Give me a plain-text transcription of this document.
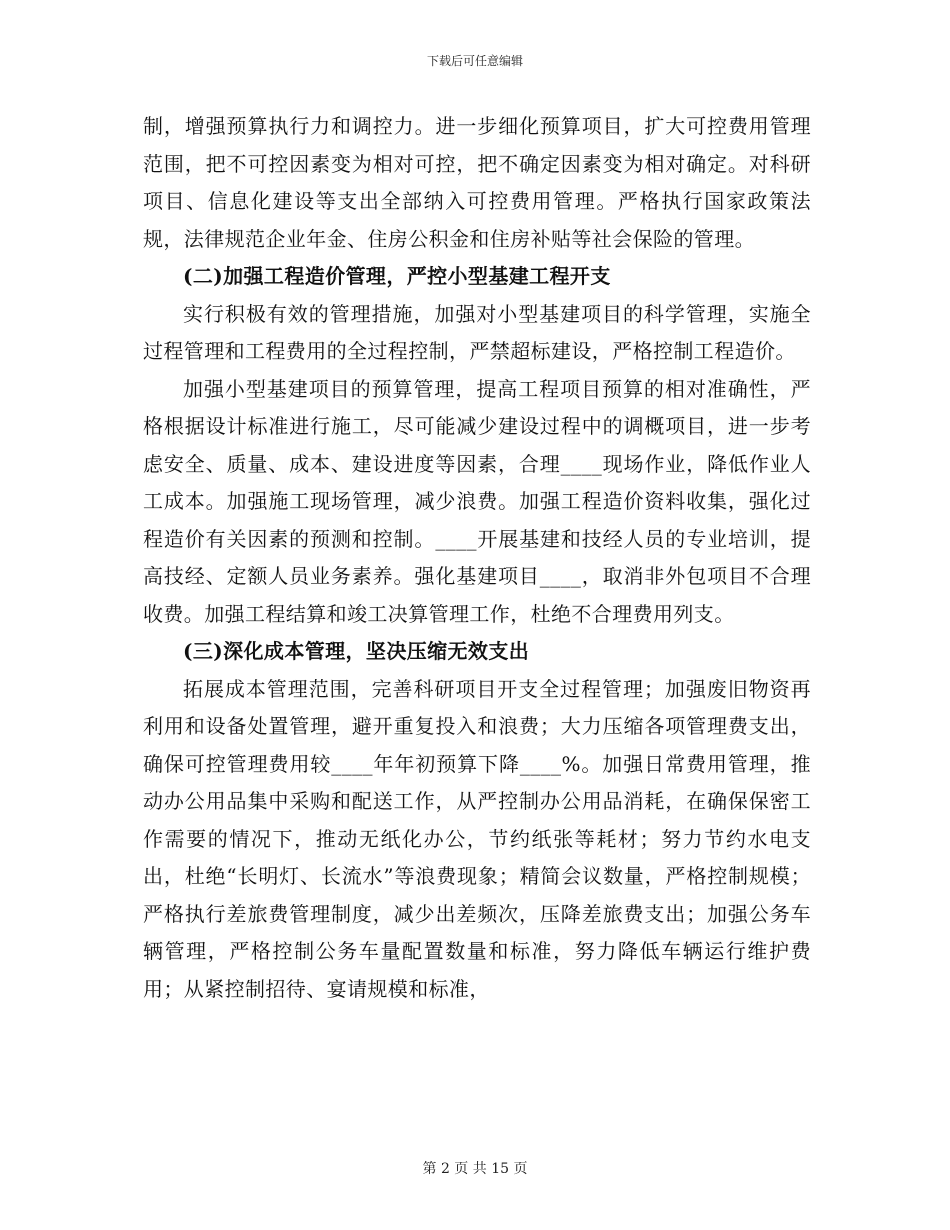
下载后可任意编辑

制，增强预算执行力和调控力。进一步细化预算项目，扩大可控费用管理范围，把不可控因素变为相对可控，把不确定因素变为相对确定。对科研项目、信息化建设等支出全部纳入可控费用管理。严格执行国家政策法规，法律规范企业年金、住房公积金和住房补贴等社会保险的管理。

(二)加强工程造价管理，严控小型基建工程开支

实行积极有效的管理措施，加强对小型基建项目的科学管理，实施全过程管理和工程费用的全过程控制，严禁超标建设，严格控制工程造价。

加强小型基建项目的预算管理，提高工程项目预算的相对准确性，严格根据设计标准进行施工，尽可能减少建设过程中的调概项目，进一步考虑安全、质量、成本、建设进度等因素，合理____现场作业，降低作业人工成本。加强施工现场管理，减少浪费。加强工程造价资料收集，强化过程造价有关因素的预测和控制。____开展基建和技经人员的专业培训，提高技经、定额人员业务素养。强化基建项目____，取消非外包项目不合理收费。加强工程结算和竣工决算管理工作，杜绝不合理费用列支。

(三)深化成本管理，坚决压缩无效支出

拓展成本管理范围，完善科研项目开支全过程管理；加强废旧物资再利用和设备处置管理，避开重复投入和浪费；大力压缩各项管理费支出，确保可控管理费用较____年年初预算下降____%。加强日常费用管理，推动办公用品集中采购和配送工作，从严控制办公用品消耗，在确保保密工作需要的情况下，推动无纸化办公，节约纸张等耗材；努力节约水电支出，杜绝“长明灯、长流水”等浪费现象；精简会议数量，严格控制规模；严格执行差旅费管理制度，减少出差频次，压降差旅费支出；加强公务车辆管理，严格控制公务车量配置数量和标准，努力降低车辆运行维护费用；从紧控制招待、宴请规模和标准，

第 2 页 共 15 页
